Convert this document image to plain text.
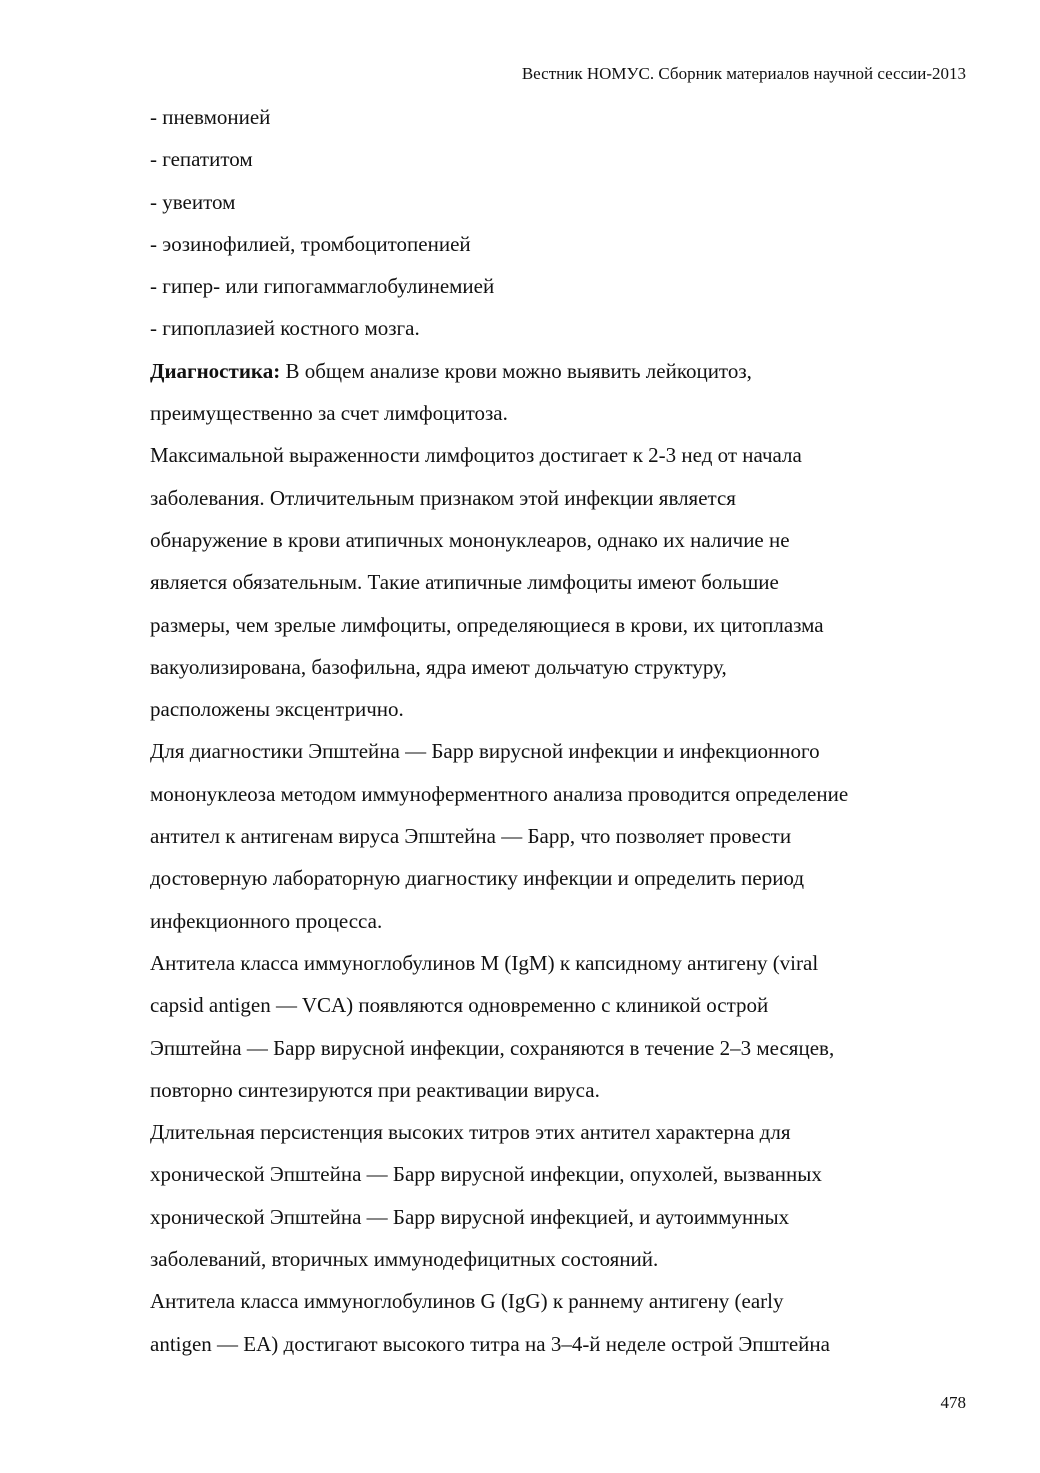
Вестник НОМУС. Сборник материалов научной сессии-2013
- пневмонией
- гепатитом
- увеитом
- эозинофилией, тромбоцитопенией
- гипер- или гипогаммаглобулинемией
- гипоплазией костного мозга.
Диагностика: В общем анализе крови можно выявить лейкоцитоз,
преимущественно за счет лимфоцитоза.
Максимальной выраженности лимфоцитоз достигает к 2-3 нед от начала
заболевания. Отличительным признаком этой инфекции является
обнаружение в крови атипичных мононуклеаров, однако их наличие не
является обязательным. Такие атипичные лимфоциты имеют большие
размеры, чем зрелые лимфоциты, определяющиеся в крови, их цитоплазма
вакуолизирована, базофильна, ядра имеют дольчатую структуру,
расположены эксцентрично.
Для диагностики Эпштейна — Барр вирусной инфекции и инфекционного
мононуклеоза методом иммуноферментного анализа проводится определение
антител к антигенам вируса Эпштейна — Барр, что позволяет провести
достоверную лабораторную диагностику инфекции и определить период
инфекционного процесса.
Антитела класса иммуноглобулинов М (IgM) к капсидному антигену (viral
capsid antigen — VCA) появляются одновременно с клиникой острой
Эпштейна — Барр вирусной инфекции, сохраняются в течение 2–3 месяцев,
повторно синтезируются при реактивации вируса.
Длительная персистенция высоких титров этих антител характерна для
хронической Эпштейна — Барр вирусной инфекции, опухолей, вызванных
хронической Эпштейна — Барр вирусной инфекцией, и аутоиммунных
заболеваний, вторичных иммунодефицитных состояний.
Антитела класса иммуноглобулинов G (IgG) к раннему антигену (early
antigen — EA) достигают высокого титра на 3–4-й неделе острой Эпштейна
478
